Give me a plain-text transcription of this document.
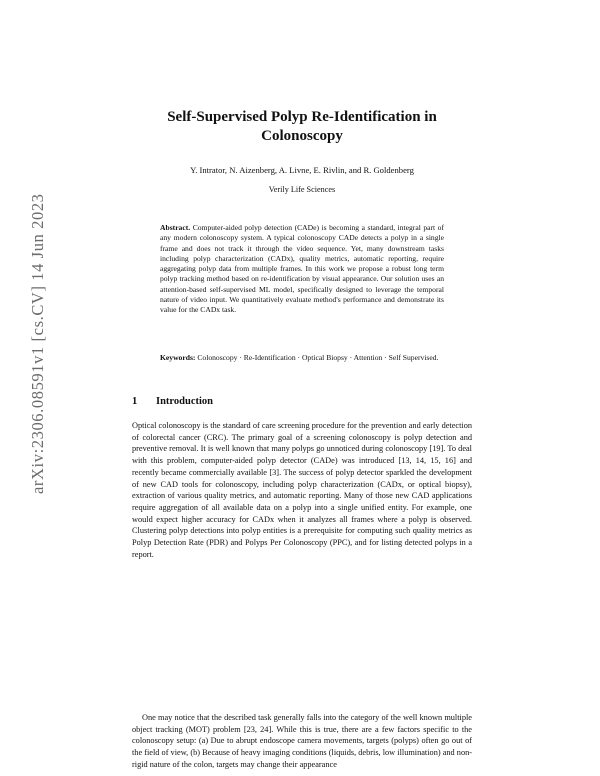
arXiv:2306.08591v1 [cs.CV] 14 Jun 2023
Self-Supervised Polyp Re-Identification in Colonoscopy
Y. Intrator, N. Aizenberg, A. Livne, E. Rivlin, and R. Goldenberg
Verily Life Sciences
Abstract. Computer-aided polyp detection (CADe) is becoming a standard, integral part of any modern colonoscopy system. A typical colonoscopy CADe detects a polyp in a single frame and does not track it through the video sequence. Yet, many downstream tasks including polyp characterization (CADx), quality metrics, automatic reporting, require aggregating polyp data from multiple frames. In this work we propose a robust long term polyp tracking method based on re-identification by visual appearance. Our solution uses an attention-based self-supervised ML model, specifically designed to leverage the temporal nature of video input. We quantitatively evaluate method's performance and demonstrate its value for the CADx task.
Keywords: Colonoscopy · Re-Identification · Optical Biopsy · Attention · Self Supervised.
1 Introduction
Optical colonoscopy is the standard of care screening procedure for the prevention and early detection of colorectal cancer (CRC). The primary goal of a screening colonoscopy is polyp detection and preventive removal. It is well known that many polyps go unnoticed during colonoscopy [19]. To deal with this problem, computer-aided polyp detector (CADe) was introduced [13, 14, 15, 16] and recently became commercially available [3]. The success of polyp detector sparkled the development of new CAD tools for colonoscopy, including polyp characterization (CADx, or optical biopsy), extraction of various quality metrics, and automatic reporting. Many of those new CAD applications require aggregation of all available data on a polyp into a single unified entity. For example, one would expect higher accuracy for CADx when it analyzes all frames where a polyp is observed. Clustering polyp detections into polyp entities is a prerequisite for computing such quality metrics as Polyp Detection Rate (PDR) and Polyps Per Colonoscopy (PPC), and for listing detected polyps in a report.
One may notice that the described task generally falls into the category of the well known multiple object tracking (MOT) problem [23, 24]. While this is true, there are a few factors specific to the colonoscopy setup: (a) Due to abrupt endoscope camera movements, targets (polyps) often go out of the field of view, (b) Because of heavy imaging conditions (liquids, debris, low illumination) and non-rigid nature of the colon, targets may change their appearance
